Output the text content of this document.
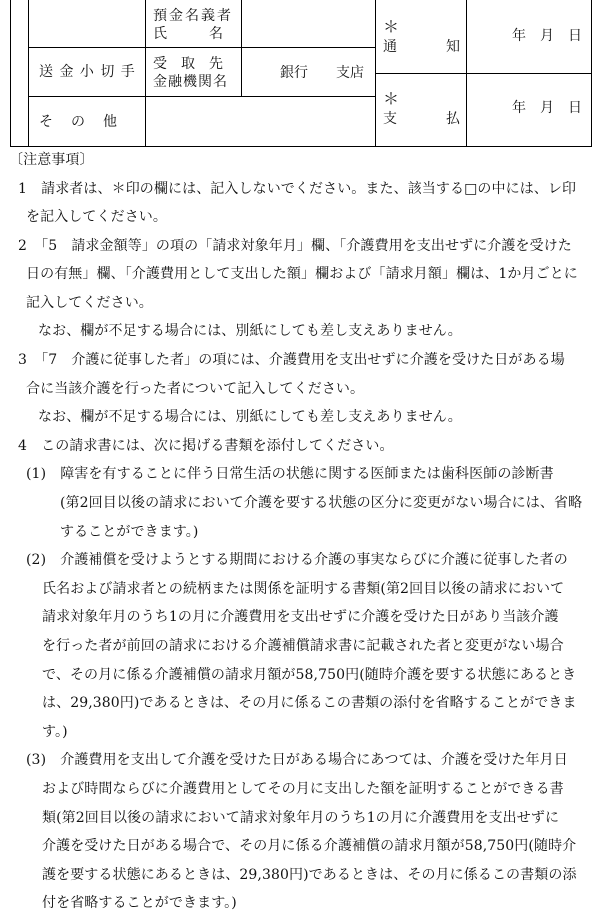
送 金 小 切 手
預金名義者
氏　　　名
受　取　先
金融機関名
銀行　　支店
そ　の　他
＊
通	知
＊
支	払
年　月　日
年　月　日
〔注意事項〕
1　請求者は、＊印の欄には、記入しないでください。また、該当する□の中には、レ印
を記入してください。
2　「5　請求金額等」の項の「請求対象年月」欄、「介護費用を支出せずに介護を受けた
日の有無」欄、「介護費用として支出した額」欄および「請求月額」欄は、1か月ごとに
記入してください。
なお、欄が不足する場合には、別紙にしても差し支えありません。
3　「7　介護に従事した者」の項には、介護費用を支出せずに介護を受けた日がある場
合に当該介護を行った者について記入してください。
なお、欄が不足する場合には、別紙にしても差し支えありません。
4　この請求書には、次に掲げる書類を添付してください。
(1)　障害を有することに伴う日常生活の状態に関する医師または歯科医師の診断書
(第2回目以後の請求において介護を要する状態の区分に変更がない場合には、省略
することができます。)
(2)　介護補償を受けようとする期間における介護の事実ならびに介護に従事した者の
氏名および請求者との続柄または関係を証明する書類(第2回目以後の請求において
請求対象年月のうち1の月に介護費用を支出せずに介護を受けた日があり当該介護
を行った者が前回の請求における介護補償請求書に記載された者と変更がない場合
で、その月に係る介護補償の請求月額が58,750円(随時介護を要する状態にあるとき
は、29,380円)であるときは、その月に係るこの書類の添付を省略することができま
す。)
(3)　介護費用を支出して介護を受けた日がある場合にあつては、介護を受けた年月日
および時間ならびに介護費用としてその月に支出した額を証明することができる書
類(第2回目以後の請求において請求対象年月のうち1の月に介護費用を支出せずに
介護を受けた日がある場合で、その月に係る介護補償の請求月額が58,750円(随時介
護を要する状態にあるときは、29,380円)であるときは、その月に係るこの書類の添
付を省略することができます。)
